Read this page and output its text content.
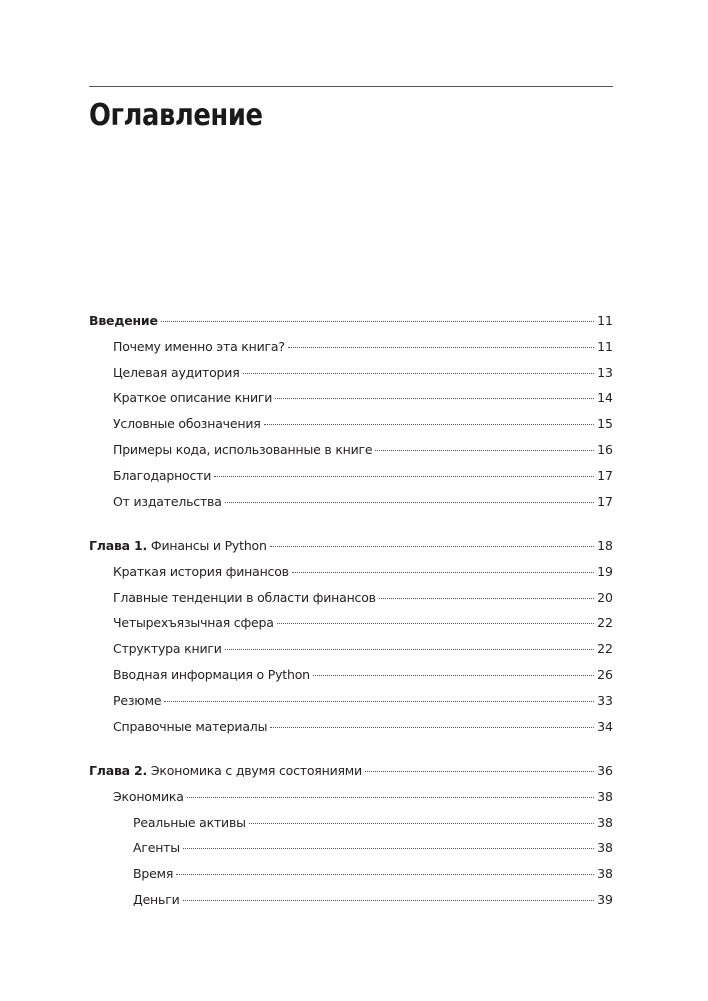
Оглавление
Введение	11
Почему именно эта книга?	11
Целевая аудитория	13
Краткое описание книги	14
Условные обозначения	15
Примеры кода, использованные в книге	16
Благодарности	17
От издательства	17
Глава 1. Финансы и Python	18
Краткая история финансов	19
Главные тенденции в области финансов	20
Четырехъязычная сфера	22
Структура книги	22
Вводная информация о Python	26
Резюме	33
Справочные материалы	34
Глава 2. Экономика с двумя состояниями	36
Экономика	38
Реальные активы	38
Агенты	38
Время	38
Деньги	39
